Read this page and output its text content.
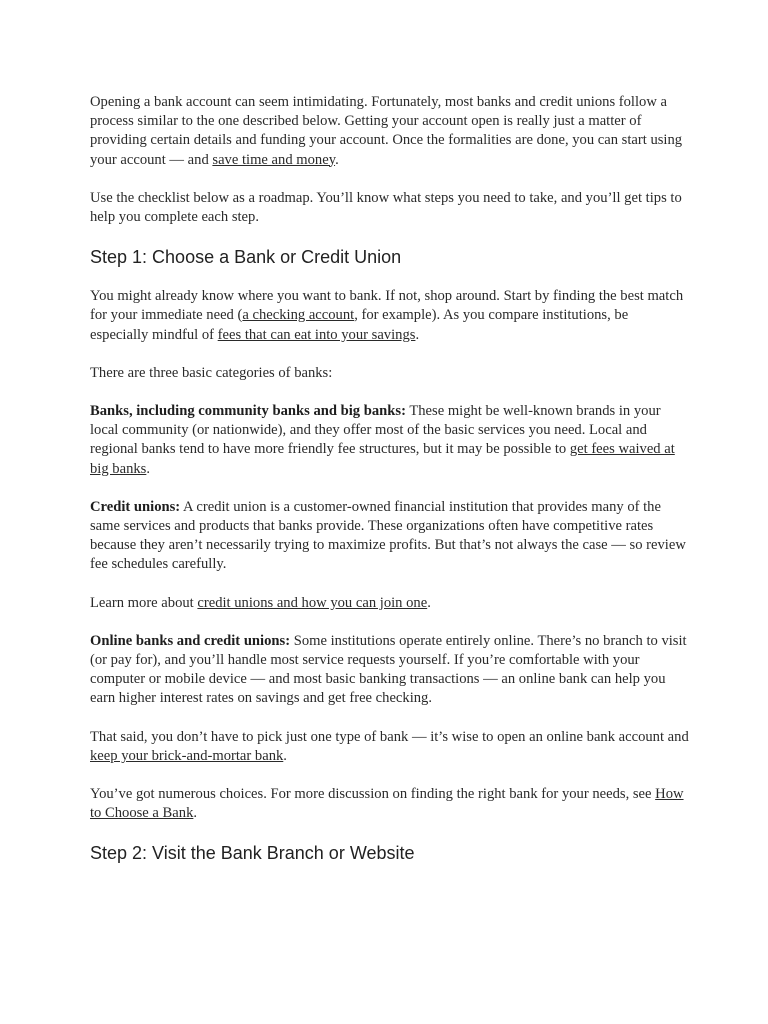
Opening a bank account can seem intimidating. Fortunately, most banks and credit unions follow a process similar to the one described below. Getting your account open is really just a matter of providing certain details and funding your account. Once the formalities are done, you can start using your account — and save time and money.

Use the checklist below as a roadmap. You’ll know what steps you need to take, and you’ll get tips to help you complete each step.

Step 1: Choose a Bank or Credit Union

You might already know where you want to bank. If not, shop around. Start by finding the best match for your immediate need (a checking account, for example). As you compare institutions, be especially mindful of fees that can eat into your savings.

There are three basic categories of banks:

Banks, including community banks and big banks: These might be well-known brands in your local community (or nationwide), and they offer most of the basic services you need. Local and regional banks tend to have more friendly fee structures, but it may be possible to get fees waived at big banks.

Credit unions: A credit union is a customer-owned financial institution that provides many of the same services and products that banks provide. These organizations often have competitive rates because they aren’t necessarily trying to maximize profits. But that’s not always the case — so review fee schedules carefully.

Learn more about credit unions and how you can join one.

Online banks and credit unions: Some institutions operate entirely online. There’s no branch to visit (or pay for), and you’ll handle most service requests yourself. If you’re comfortable with your computer or mobile device — and most basic banking transactions — an online bank can help you earn higher interest rates on savings and get free checking.

That said, you don’t have to pick just one type of bank — it’s wise to open an online bank account and keep your brick-and-mortar bank.

You’ve got numerous choices. For more discussion on finding the right bank for your needs, see How to Choose a Bank.

Step 2: Visit the Bank Branch or Website
